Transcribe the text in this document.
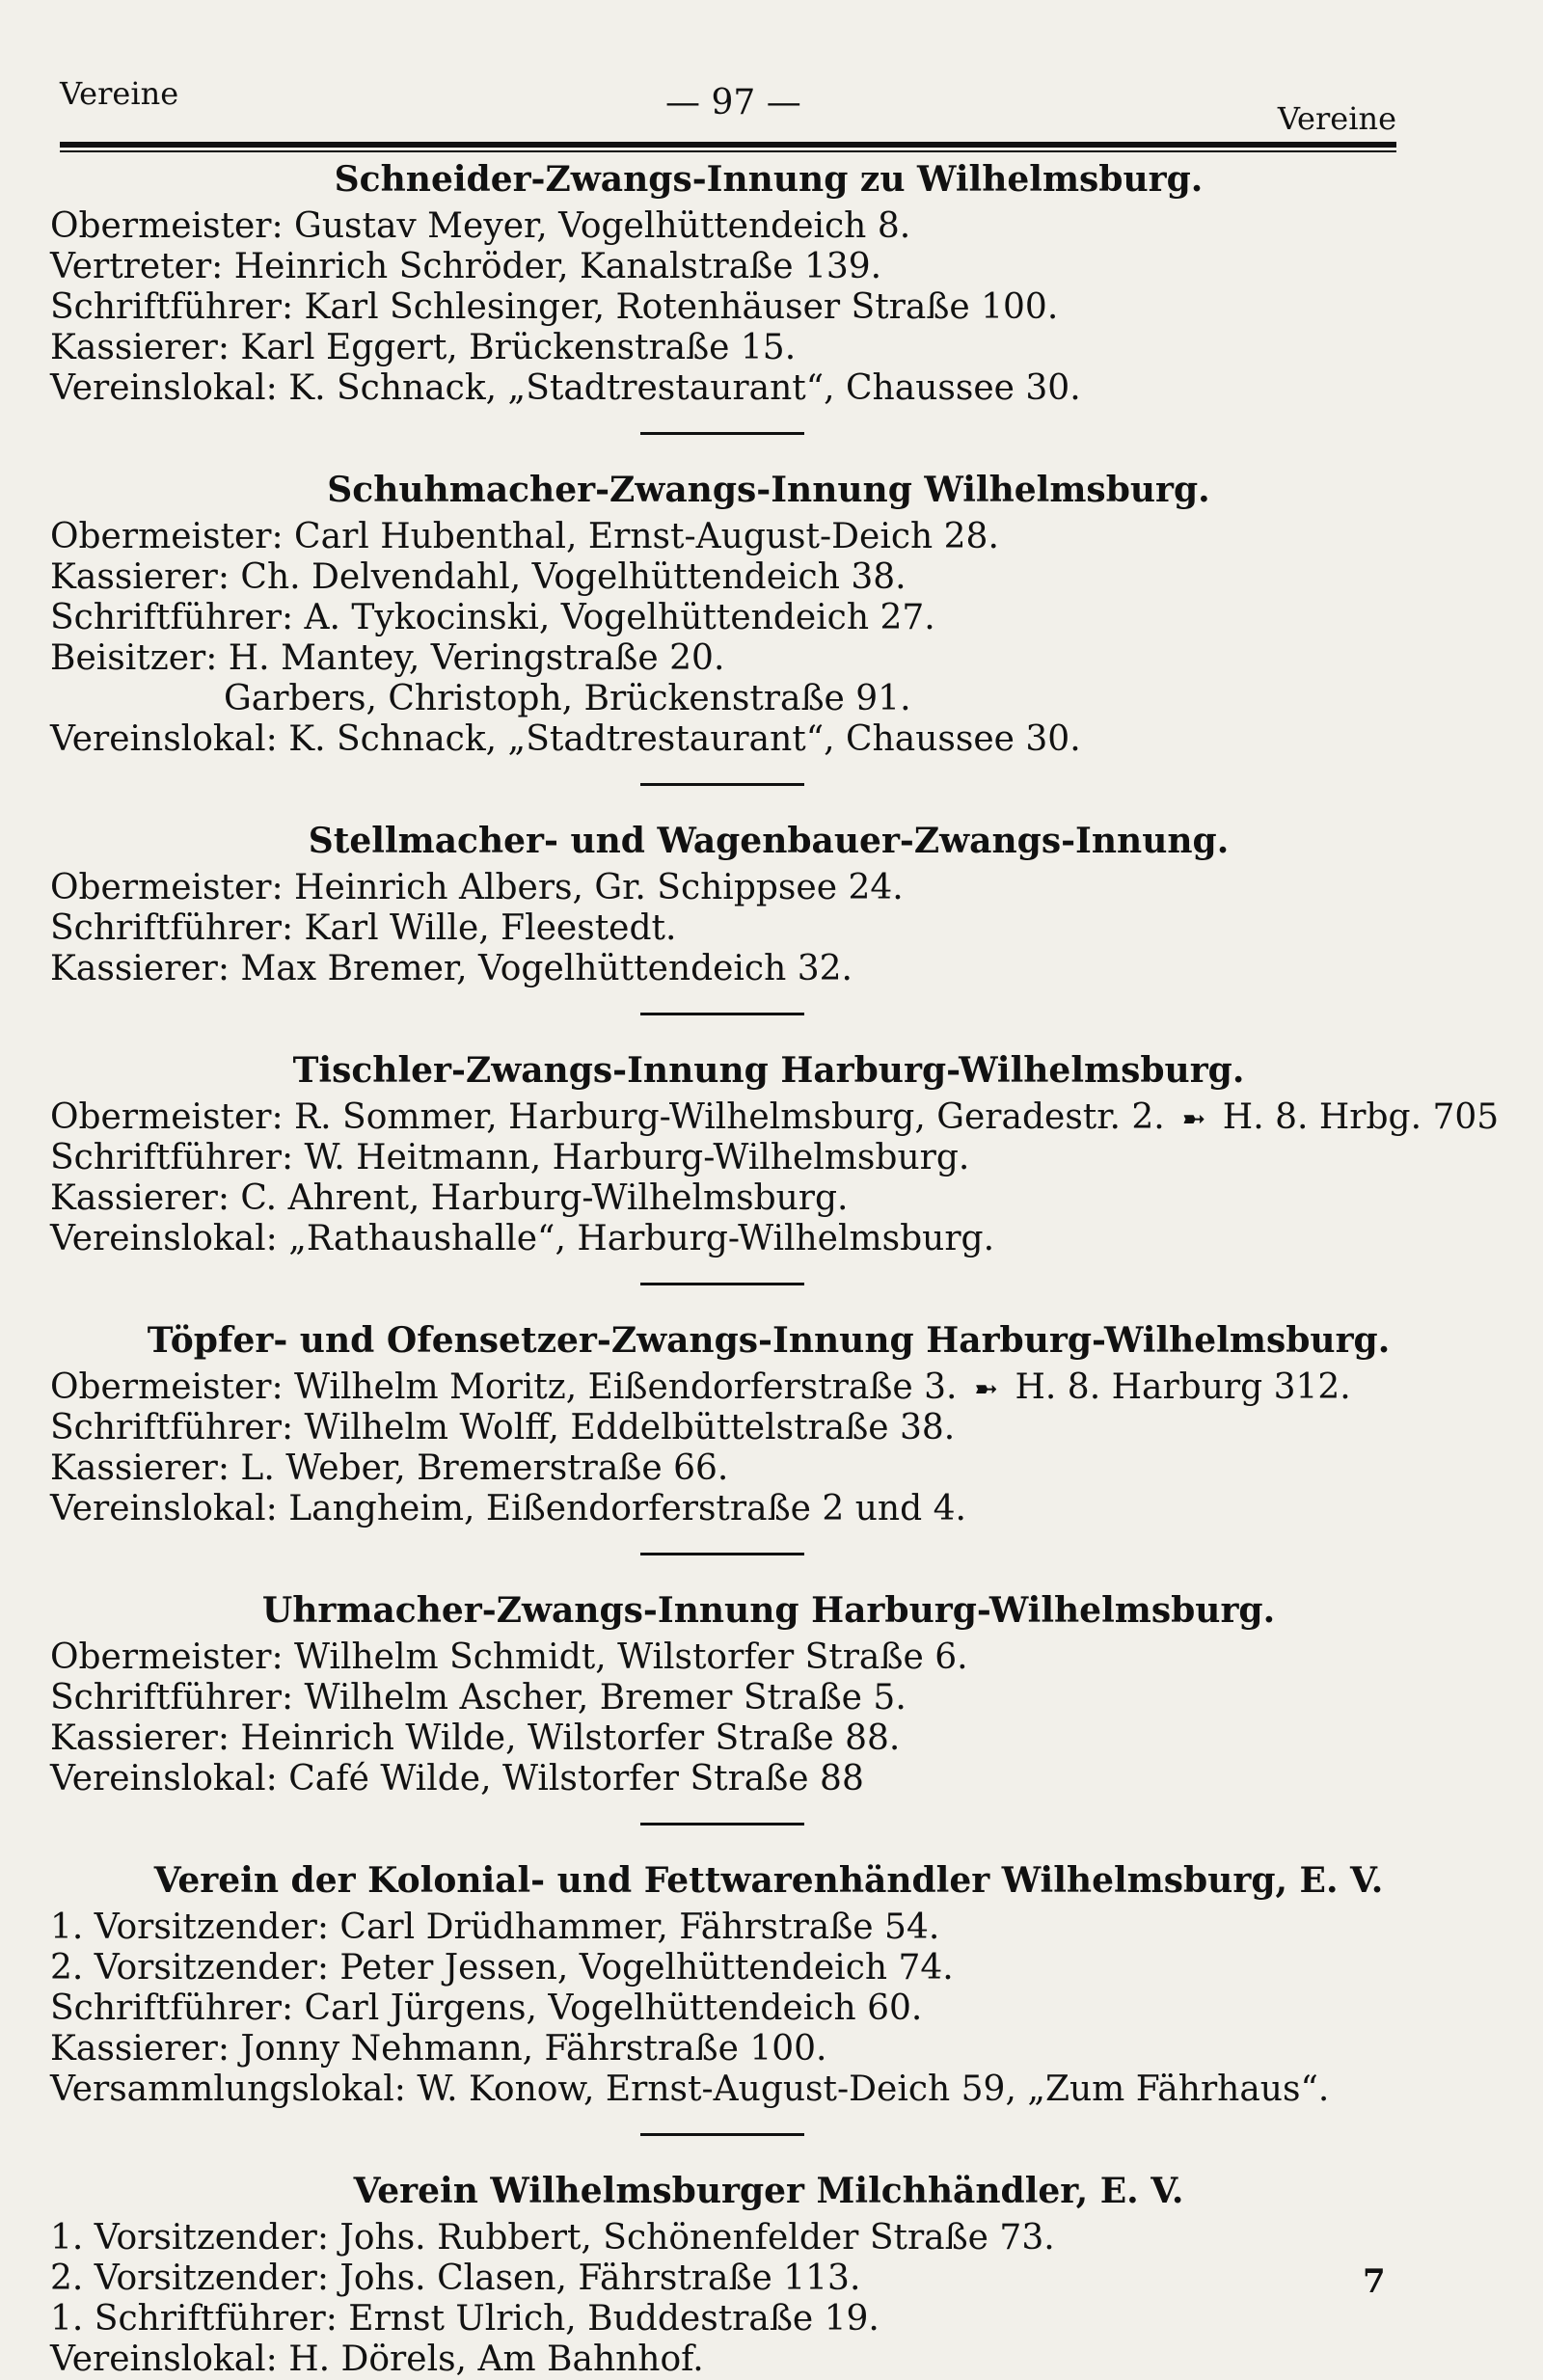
Vereine	— 97 —	Vereine
Schneider-Zwangs-Innung zu Wilhelmsburg.
Obermeister: Gustav Meyer, Vogelhüttendeich 8.
Vertreter: Heinrich Schröder, Kanalstraße 139.
Schriftführer: Karl Schlesinger, Rotenhäuser Straße 100.
Kassierer: Karl Eggert, Brückenstraße 15.
Vereinslokal: K. Schnack, „Stadtrestaurant“, Chaussee 30.
Schuhmacher-Zwangs-Innung Wilhelmsburg.
Obermeister: Carl Hubenthal, Ernst-August-Deich 28.
Kassierer: Ch. Delvendahl, Vogelhüttendeich 38.
Schriftführer: A. Tykocinski, Vogelhüttendeich 27.
Beisitzer: H. Mantey, Veringstraße 20.
Garbers, Christoph, Brückenstraße 91.
Vereinslokal: K. Schnack, „Stadtrestaurant“, Chaussee 30.
Stellmacher- und Wagenbauer-Zwangs-Innung.
Obermeister: Heinrich Albers, Gr. Schippsee 24.
Schriftführer: Karl Wille, Fleestedt.
Kassierer: Max Bremer, Vogelhüttendeich 32.
Tischler-Zwangs-Innung Harburg-Wilhelmsburg.
Obermeister: R. Sommer, Harburg-Wilhelmsburg, Geradestr. 2. ➼ H. 8. Hrbg. 705
Schriftführer: W. Heitmann, Harburg-Wilhelmsburg.
Kassierer: C. Ahrent, Harburg-Wilhelmsburg.
Vereinslokal: „Rathaushalle“, Harburg-Wilhelmsburg.
Töpfer- und Ofensetzer-Zwangs-Innung Harburg-Wilhelmsburg.
Obermeister: Wilhelm Moritz, Eißendorferstraße 3. ➼ H. 8. Harburg 312.
Schriftführer: Wilhelm Wolff, Eddelbüttelstraße 38.
Kassierer: L. Weber, Bremerstraße 66.
Vereinslokal: Langheim, Eißendorferstraße 2 und 4.
Uhrmacher-Zwangs-Innung Harburg-Wilhelmsburg.
Obermeister: Wilhelm Schmidt, Wilstorfer Straße 6.
Schriftführer: Wilhelm Ascher, Bremer Straße 5.
Kassierer: Heinrich Wilde, Wilstorfer Straße 88.
Vereinslokal: Café Wilde, Wilstorfer Straße 88
Verein der Kolonial- und Fettwarenhändler Wilhelmsburg, E. V.
1. Vorsitzender: Carl Drüdhammer, Fährstraße 54.
2. Vorsitzender: Peter Jessen, Vogelhüttendeich 74.
Schriftführer: Carl Jürgens, Vogelhüttendeich 60.
Kassierer: Jonny Nehmann, Fährstraße 100.
Versammlungslokal: W. Konow, Ernst-August-Deich 59, „Zum Fährhaus“.
Verein Wilhelmsburger Milchhändler, E. V.
1. Vorsitzender: Johs. Rubbert, Schönenfelder Straße 73.
2. Vorsitzender: Johs. Clasen, Fährstraße 113.
1. Schriftführer: Ernst Ulrich, Buddestraße 19.
Vereinslokal: H. Dörels, Am Bahnhof.
7
